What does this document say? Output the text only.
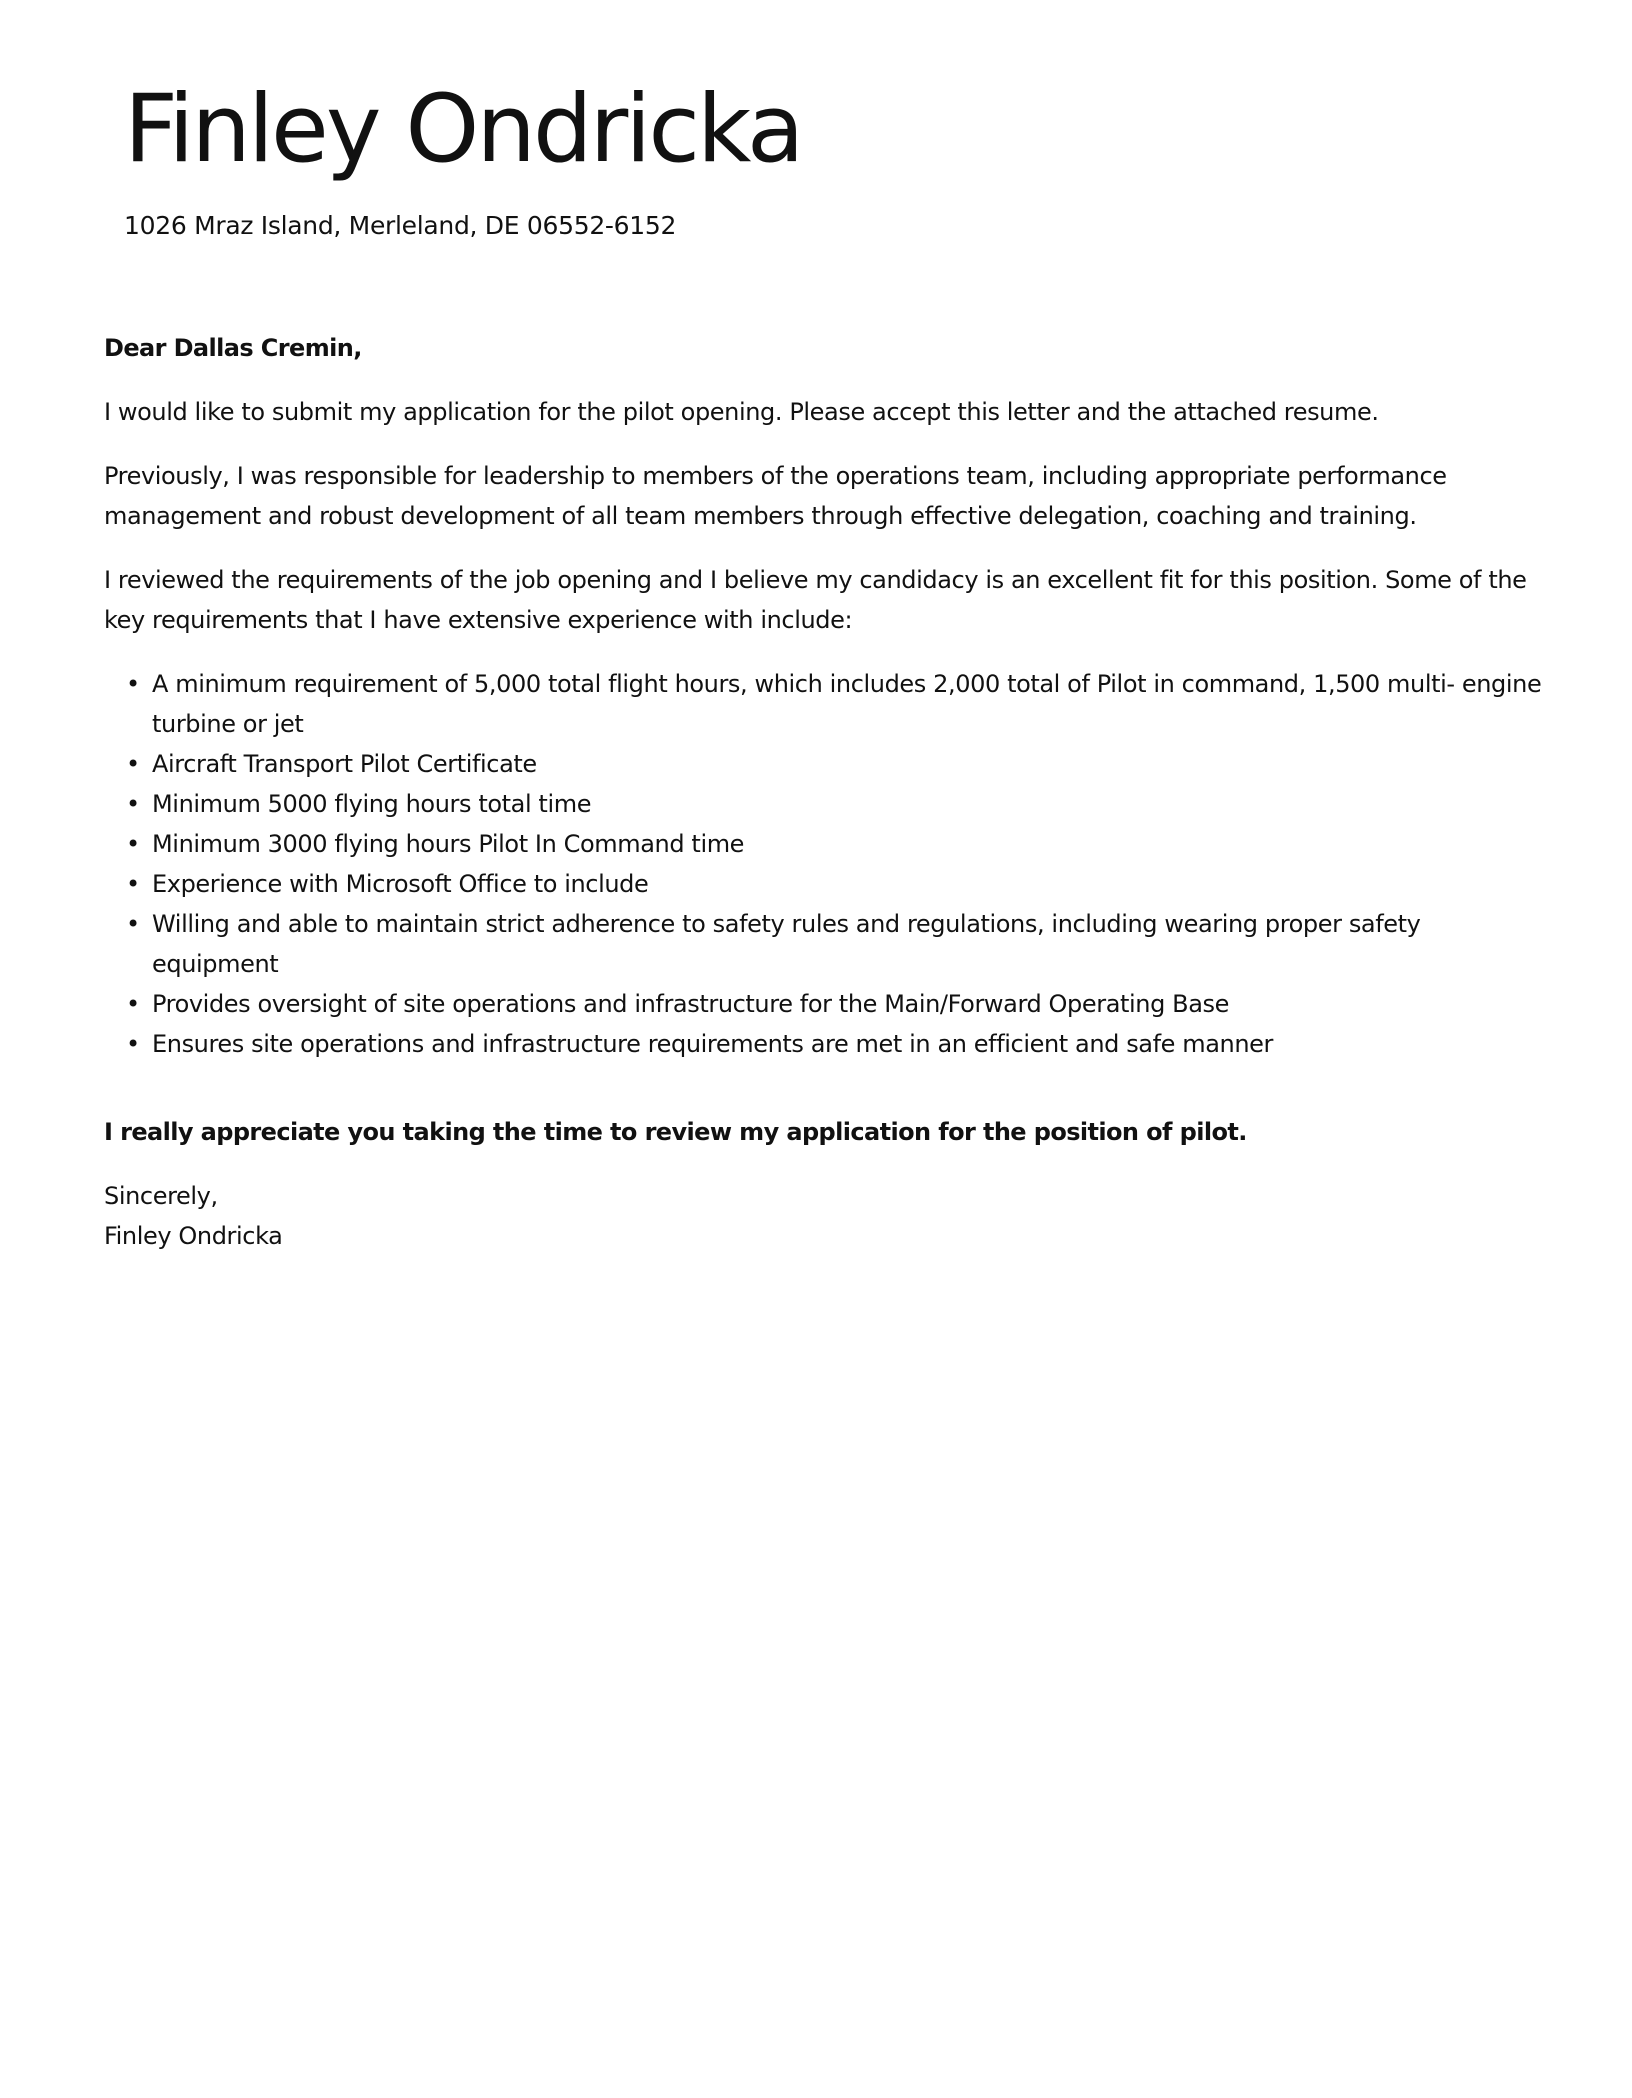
Finley Ondricka
1026 Mraz Island, Merleland, DE 06552-6152

Dear Dallas Cremin,

I would like to submit my application for the pilot opening. Please accept this letter and the attached resume.

Previously, I was responsible for leadership to members of the operations team, including appropriate performance management and robust development of all team members through effective delegation, coaching and training.

I reviewed the requirements of the job opening and I believe my candidacy is an excellent fit for this position. Some of the key requirements that I have extensive experience with include:

• A minimum requirement of 5,000 total flight hours, which includes 2,000 total of Pilot in command, 1,500 multi- engine turbine or jet
• Aircraft Transport Pilot Certificate
• Minimum 5000 flying hours total time
• Minimum 3000 flying hours Pilot In Command time
• Experience with Microsoft Office to include
• Willing and able to maintain strict adherence to safety rules and regulations, including wearing proper safety equipment
• Provides oversight of site operations and infrastructure for the Main/Forward Operating Base
• Ensures site operations and infrastructure requirements are met in an efficient and safe manner

I really appreciate you taking the time to review my application for the position of pilot.

Sincerely,
Finley Ondricka
